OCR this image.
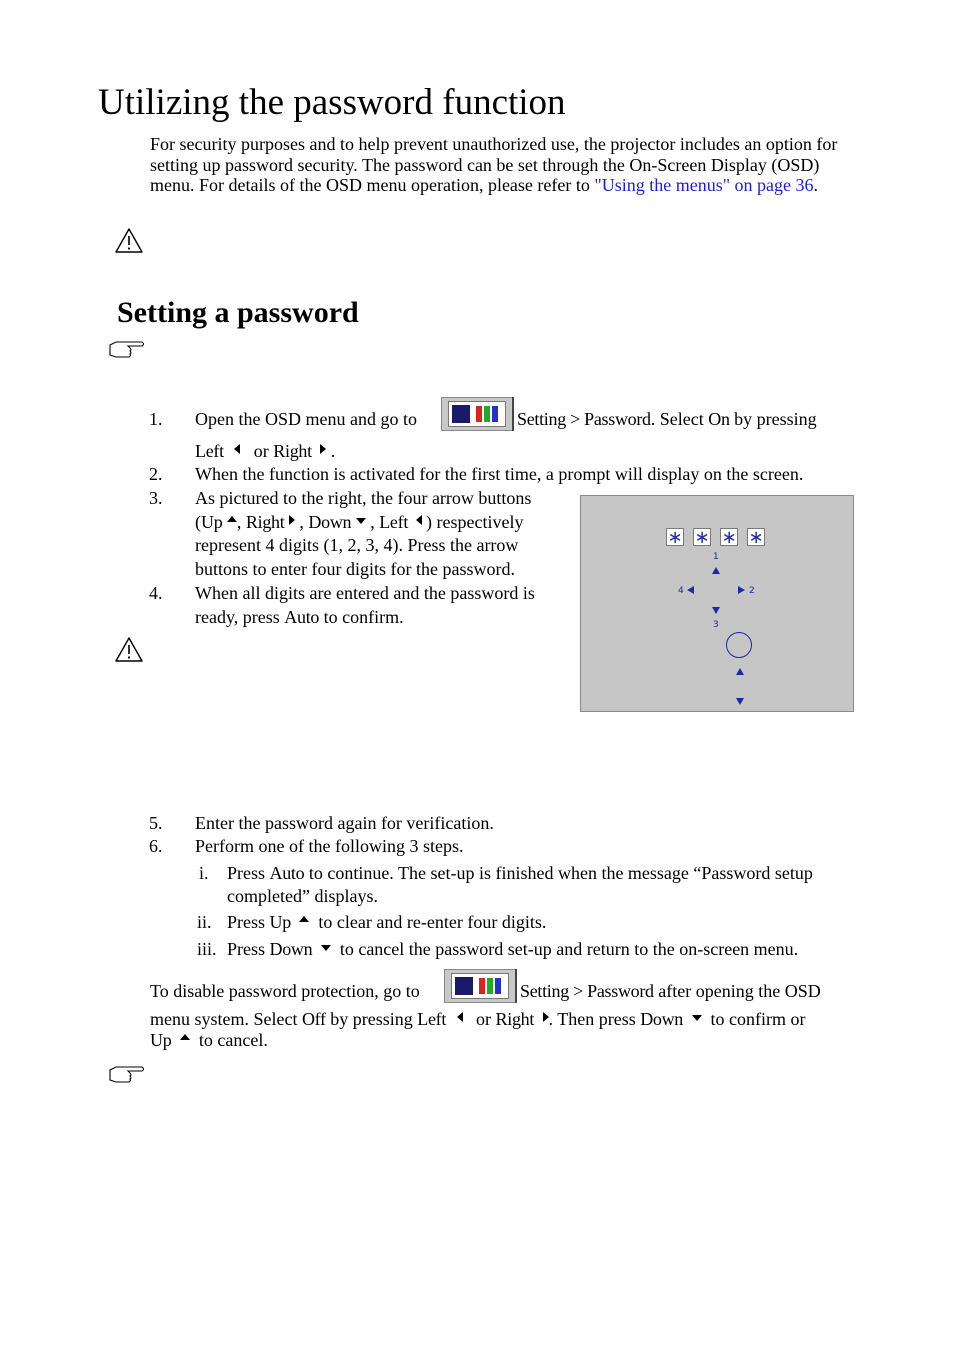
Utilizing the password function
For security purposes and to help prevent unauthorized use, the projector includes an option for setting up password security. The password can be set through the On-Screen Display (OSD) menu. For details of the OSD menu operation, please refer to "Using the menus" on page 36.
Setting a password
1. Open the OSD menu and go to	Setting > Password. Select On by pressing
Left or Right .
2. When the function is activated for the first time, a prompt will display on the screen.
3. As pictured to the right, the four arrow buttons
(Up , Right , Down , Left ) respectively
represent 4 digits (1, 2, 3, 4). Press the arrow
buttons to enter four digits for the password.
4. When all digits are entered and the password is
ready, press Auto to confirm.
∗ ∗ ∗ ∗
1
4	2
3
5. Enter the password again for verification.
6. Perform one of the following 3 steps.
i. Press Auto to continue. The set-up is finished when the message “Password setup
completed” displays.
ii. Press Up to clear and re-enter four digits.
iii. Press Down to cancel the password set-up and return to the on-screen menu.
To disable password protection, go to	Setting > Password after opening the OSD
menu system. Select Off by pressing Left or Right . Then press Down to confirm or
Up to cancel.
